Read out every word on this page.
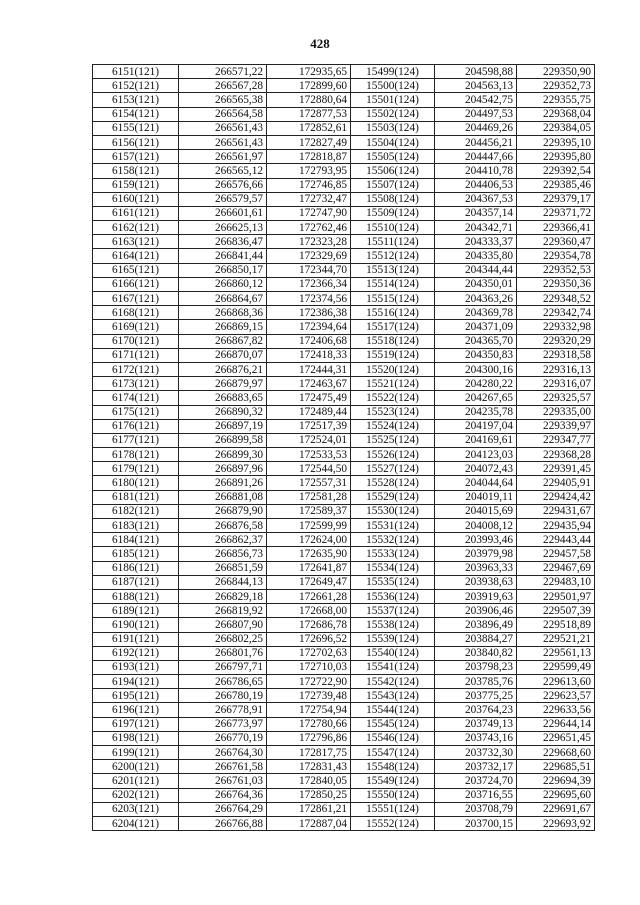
428
6151(121)	266571,22	172935,65	15499(124)	204598,88	229350,90
6152(121)	266567,28	172899,60	15500(124)	204563,13	229352,73
6153(121)	266565,38	172880,64	15501(124)	204542,75	229355,75
6154(121)	266564,58	172877,53	15502(124)	204497,53	229368,04
6155(121)	266561,43	172852,61	15503(124)	204469,26	229384,05
6156(121)	266561,43	172827,49	15504(124)	204456,21	229395,10
6157(121)	266561,97	172818,87	15505(124)	204447,66	229395,80
6158(121)	266565,12	172793,95	15506(124)	204410,78	229392,54
6159(121)	266576,66	172746,85	15507(124)	204406,53	229385,46
6160(121)	266579,57	172732,47	15508(124)	204367,53	229379,17
6161(121)	266601,61	172747,90	15509(124)	204357,14	229371,72
6162(121)	266625,13	172762,46	15510(124)	204342,71	229366,41
6163(121)	266836,47	172323,28	15511(124)	204333,37	229360,47
6164(121)	266841,44	172329,69	15512(124)	204335,80	229354,78
6165(121)	266850,17	172344,70	15513(124)	204344,44	229352,53
6166(121)	266860,12	172366,34	15514(124)	204350,01	229350,36
6167(121)	266864,67	172374,56	15515(124)	204363,26	229348,52
6168(121)	266868,36	172386,38	15516(124)	204369,78	229342,74
6169(121)	266869,15	172394,64	15517(124)	204371,09	229332,98
6170(121)	266867,82	172406,68	15518(124)	204365,70	229320,29
6171(121)	266870,07	172418,33	15519(124)	204350,83	229318,58
6172(121)	266876,21	172444,31	15520(124)	204300,16	229316,13
6173(121)	266879,97	172463,67	15521(124)	204280,22	229316,07
6174(121)	266883,65	172475,49	15522(124)	204267,65	229325,57
6175(121)	266890,32	172489,44	15523(124)	204235,78	229335,00
6176(121)	266897,19	172517,39	15524(124)	204197,04	229339,97
6177(121)	266899,58	172524,01	15525(124)	204169,61	229347,77
6178(121)	266899,30	172533,53	15526(124)	204123,03	229368,28
6179(121)	266897,96	172544,50	15527(124)	204072,43	229391,45
6180(121)	266891,26	172557,31	15528(124)	204044,64	229405,91
6181(121)	266881,08	172581,28	15529(124)	204019,11	229424,42
6182(121)	266879,90	172589,37	15530(124)	204015,69	229431,67
6183(121)	266876,58	172599,99	15531(124)	204008,12	229435,94
6184(121)	266862,37	172624,00	15532(124)	203993,46	229443,44
6185(121)	266856,73	172635,90	15533(124)	203979,98	229457,58
6186(121)	266851,59	172641,87	15534(124)	203963,33	229467,69
6187(121)	266844,13	172649,47	15535(124)	203938,63	229483,10
6188(121)	266829,18	172661,28	15536(124)	203919,63	229501,97
6189(121)	266819,92	172668,00	15537(124)	203906,46	229507,39
6190(121)	266807,90	172686,78	15538(124)	203896,49	229518,89
6191(121)	266802,25	172696,52	15539(124)	203884,27	229521,21
6192(121)	266801,76	172702,63	15540(124)	203840,82	229561,13
6193(121)	266797,71	172710,03	15541(124)	203798,23	229599,49
6194(121)	266786,65	172722,90	15542(124)	203785,76	229613,60
6195(121)	266780,19	172739,48	15543(124)	203775,25	229623,57
6196(121)	266778,91	172754,94	15544(124)	203764,23	229633,56
6197(121)	266773,97	172780,66	15545(124)	203749,13	229644,14
6198(121)	266770,19	172796,86	15546(124)	203743,16	229651,45
6199(121)	266764,30	172817,75	15547(124)	203732,30	229668,60
6200(121)	266761,58	172831,43	15548(124)	203732,17	229685,51
6201(121)	266761,03	172840,05	15549(124)	203724,70	229694,39
6202(121)	266764,36	172850,25	15550(124)	203716,55	229695,60
6203(121)	266764,29	172861,21	15551(124)	203708,79	229691,67
6204(121)	266766,88	172887,04	15552(124)	203700,15	229693,92
